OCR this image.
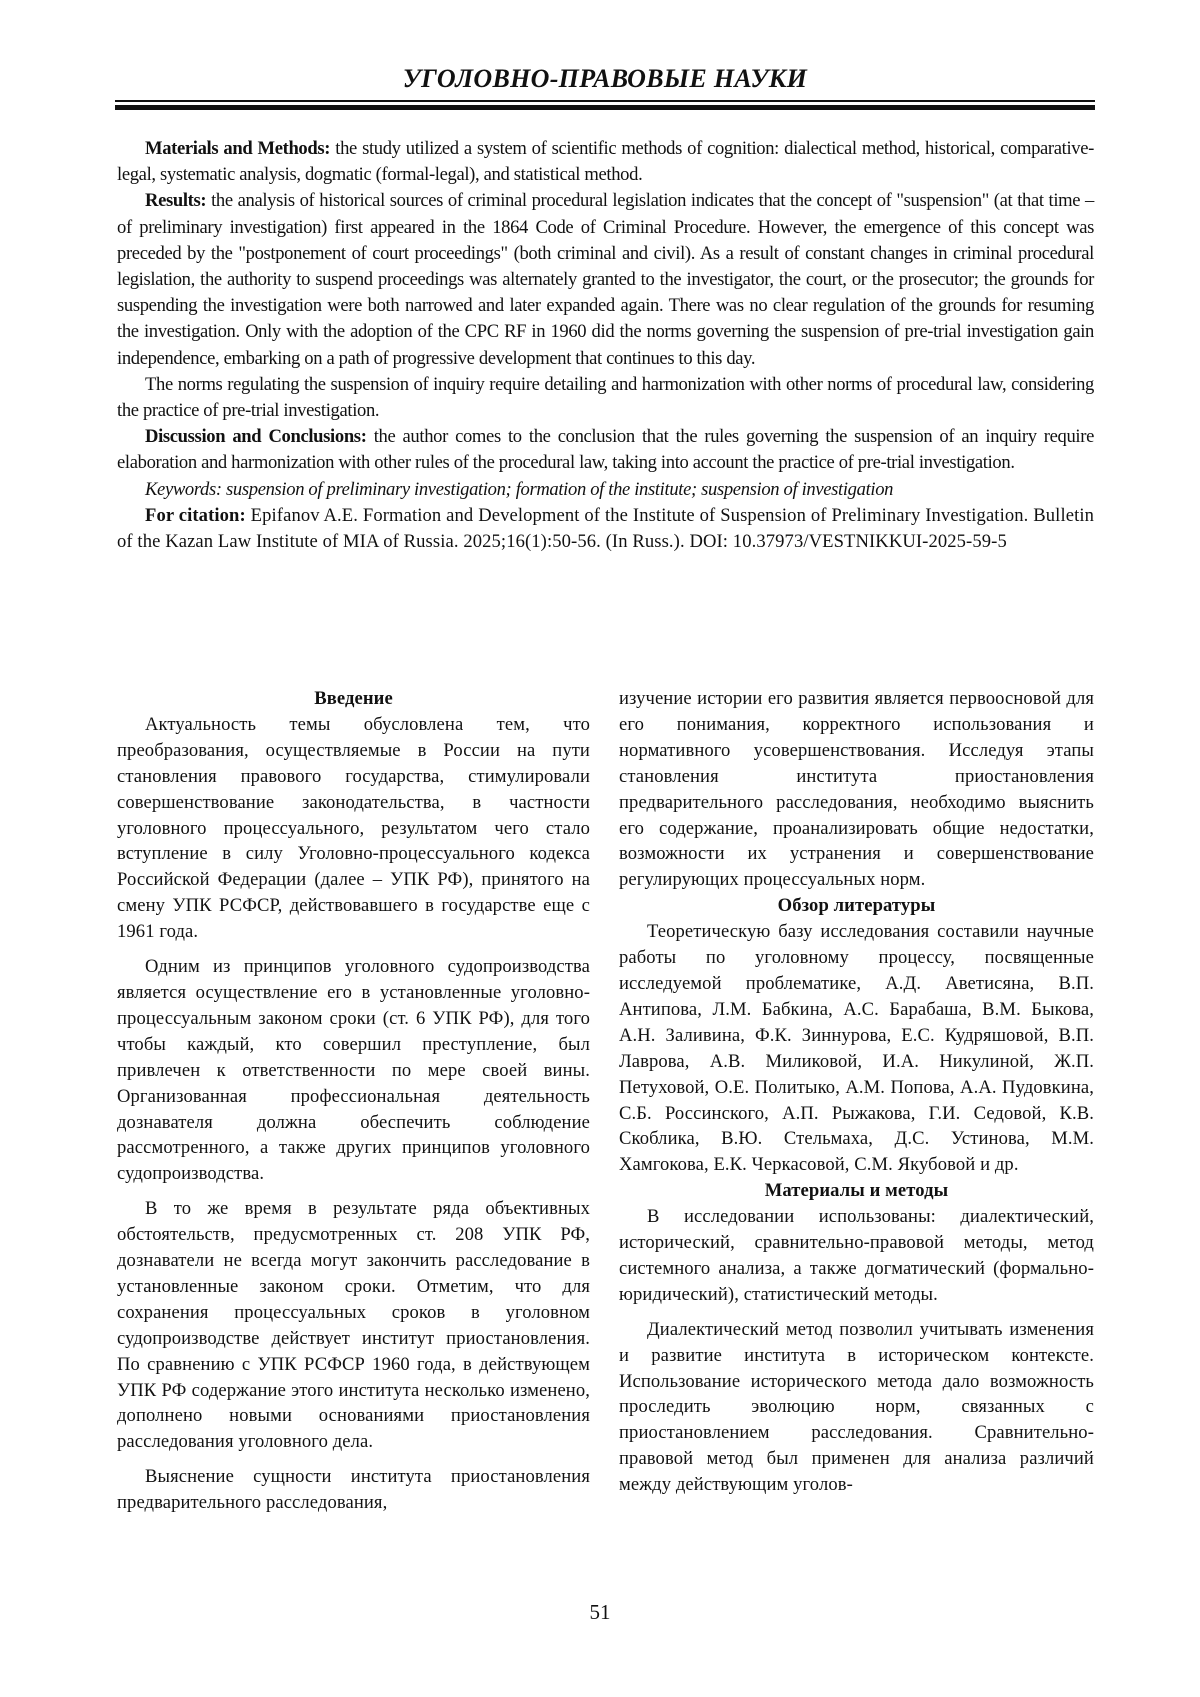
УГОЛОВНО-ПРАВОВЫЕ НАУКИ

Materials and Methods: the study utilized a system of scientific methods of cognition: dialectical method, historical, comparative-legal, systematic analysis, dogmatic (formal-legal), and statistical method.

Results: the analysis of historical sources of criminal procedural legislation indicates that the concept of "suspension" (at that time – of preliminary investigation) first appeared in the 1864 Code of Criminal Procedure. However, the emergence of this concept was preceded by the "postponement of court proceedings" (both criminal and civil). As a result of constant changes in criminal procedural legislation, the authority to suspend proceedings was alternately granted to the investigator, the court, or the prosecutor; the grounds for suspending the investigation were both narrowed and later expanded again. There was no clear regulation of the grounds for resuming the investigation. Only with the adoption of the CPC RF in 1960 did the norms governing the suspension of pre-trial investigation gain independence, embarking on a path of progressive development that continues to this day.

The norms regulating the suspension of inquiry require detailing and harmonization with other norms of procedural law, considering the practice of pre-trial investigation.

Discussion and Conclusions: the author comes to the conclusion that the rules governing the suspension of an inquiry require elaboration and harmonization with other rules of the procedural law, taking into account the practice of pre-trial investigation.

Keywords: suspension of preliminary investigation; formation of the institute; suspension of investigation

For citation: Epifanov A.E. Formation and Development of the Institute of Suspension of Preliminary Investigation. Bulletin of the Kazan Law Institute of MIA of Russia. 2025;16(1):50-56. (In Russ.). DOI: 10.37973/VESTNIKKUI-2025-59-5

Введение

Актуальность темы обусловлена тем, что преобразования, осуществляемые в России на пути становления правового государства, стимулировали совершенствование законодательства, в частности уголовного процессуального, результатом чего стало вступление в силу Уголовно-процессуального кодекса Российской Федерации (далее – УПК РФ), принятого на смену УПК РСФСР, действовавшего в государстве еще с 1961 года.

Одним из принципов уголовного судопроизводства является осуществление его в установленные уголовно-процессуальным законом сроки (ст. 6 УПК РФ), для того чтобы каждый, кто совершил преступление, был привлечен к ответственности по мере своей вины. Организованная профессиональная деятельность дознавателя должна обеспечить соблюдение рассмотренного, а также других принципов уголовного судопроизводства.

В то же время в результате ряда объективных обстоятельств, предусмотренных ст. 208 УПК РФ, дознаватели не всегда могут закончить расследование в установленные законом сроки. Отметим, что для сохранения процессуальных сроков в уголовном судопроизводстве действует институт приостановления. По сравнению с УПК РСФСР 1960 года, в действующем УПК РФ содержание этого института несколько изменено, дополнено новыми основаниями приостановления расследования уголовного дела.

Выяснение сущности института приостановления предварительного расследования,

изучение истории его развития является первоосновой для его понимания, корректного использования и нормативного усовершенствования. Исследуя этапы становления института приостановления предварительного расследования, необходимо выяснить его содержание, проанализировать общие недостатки, возможности их устранения и совершенствование регулирующих процессуальных норм.

Обзор литературы

Теоретическую базу исследования составили научные работы по уголовному процессу, посвященные исследуемой проблематике, А.Д. Аветисяна, В.П. Антипова, Л.М. Бабкина, А.С. Барабаша, В.М. Быкова, А.Н. Заливина, Ф.К. Зиннурова, Е.С. Кудряшовой, В.П. Лаврова, А.В. Миликовой, И.А. Никулиной, Ж.П. Петуховой, О.Е. Политыко, А.М. Попова, А.А. Пудовкина, С.Б. Россинского, А.П. Рыжакова, Г.И. Седовой, К.В. Скоблика, В.Ю. Стельмаха, Д.С. Устинова, М.М. Хамгокова, Е.К. Черкасовой, С.М. Якубовой и др.

Материалы и методы

В исследовании использованы: диалектический, исторический, сравнительно-правовой методы, метод системного анализа, а также догматический (формально-юридический), статистический методы.

Диалектический метод позволил учитывать изменения и развитие института в историческом контексте. Использование исторического метода дало возможность проследить эволюцию норм, связанных с приостановлением расследования. Сравнительно-правовой метод был применен для анализа различий между действующим уголов-

51
